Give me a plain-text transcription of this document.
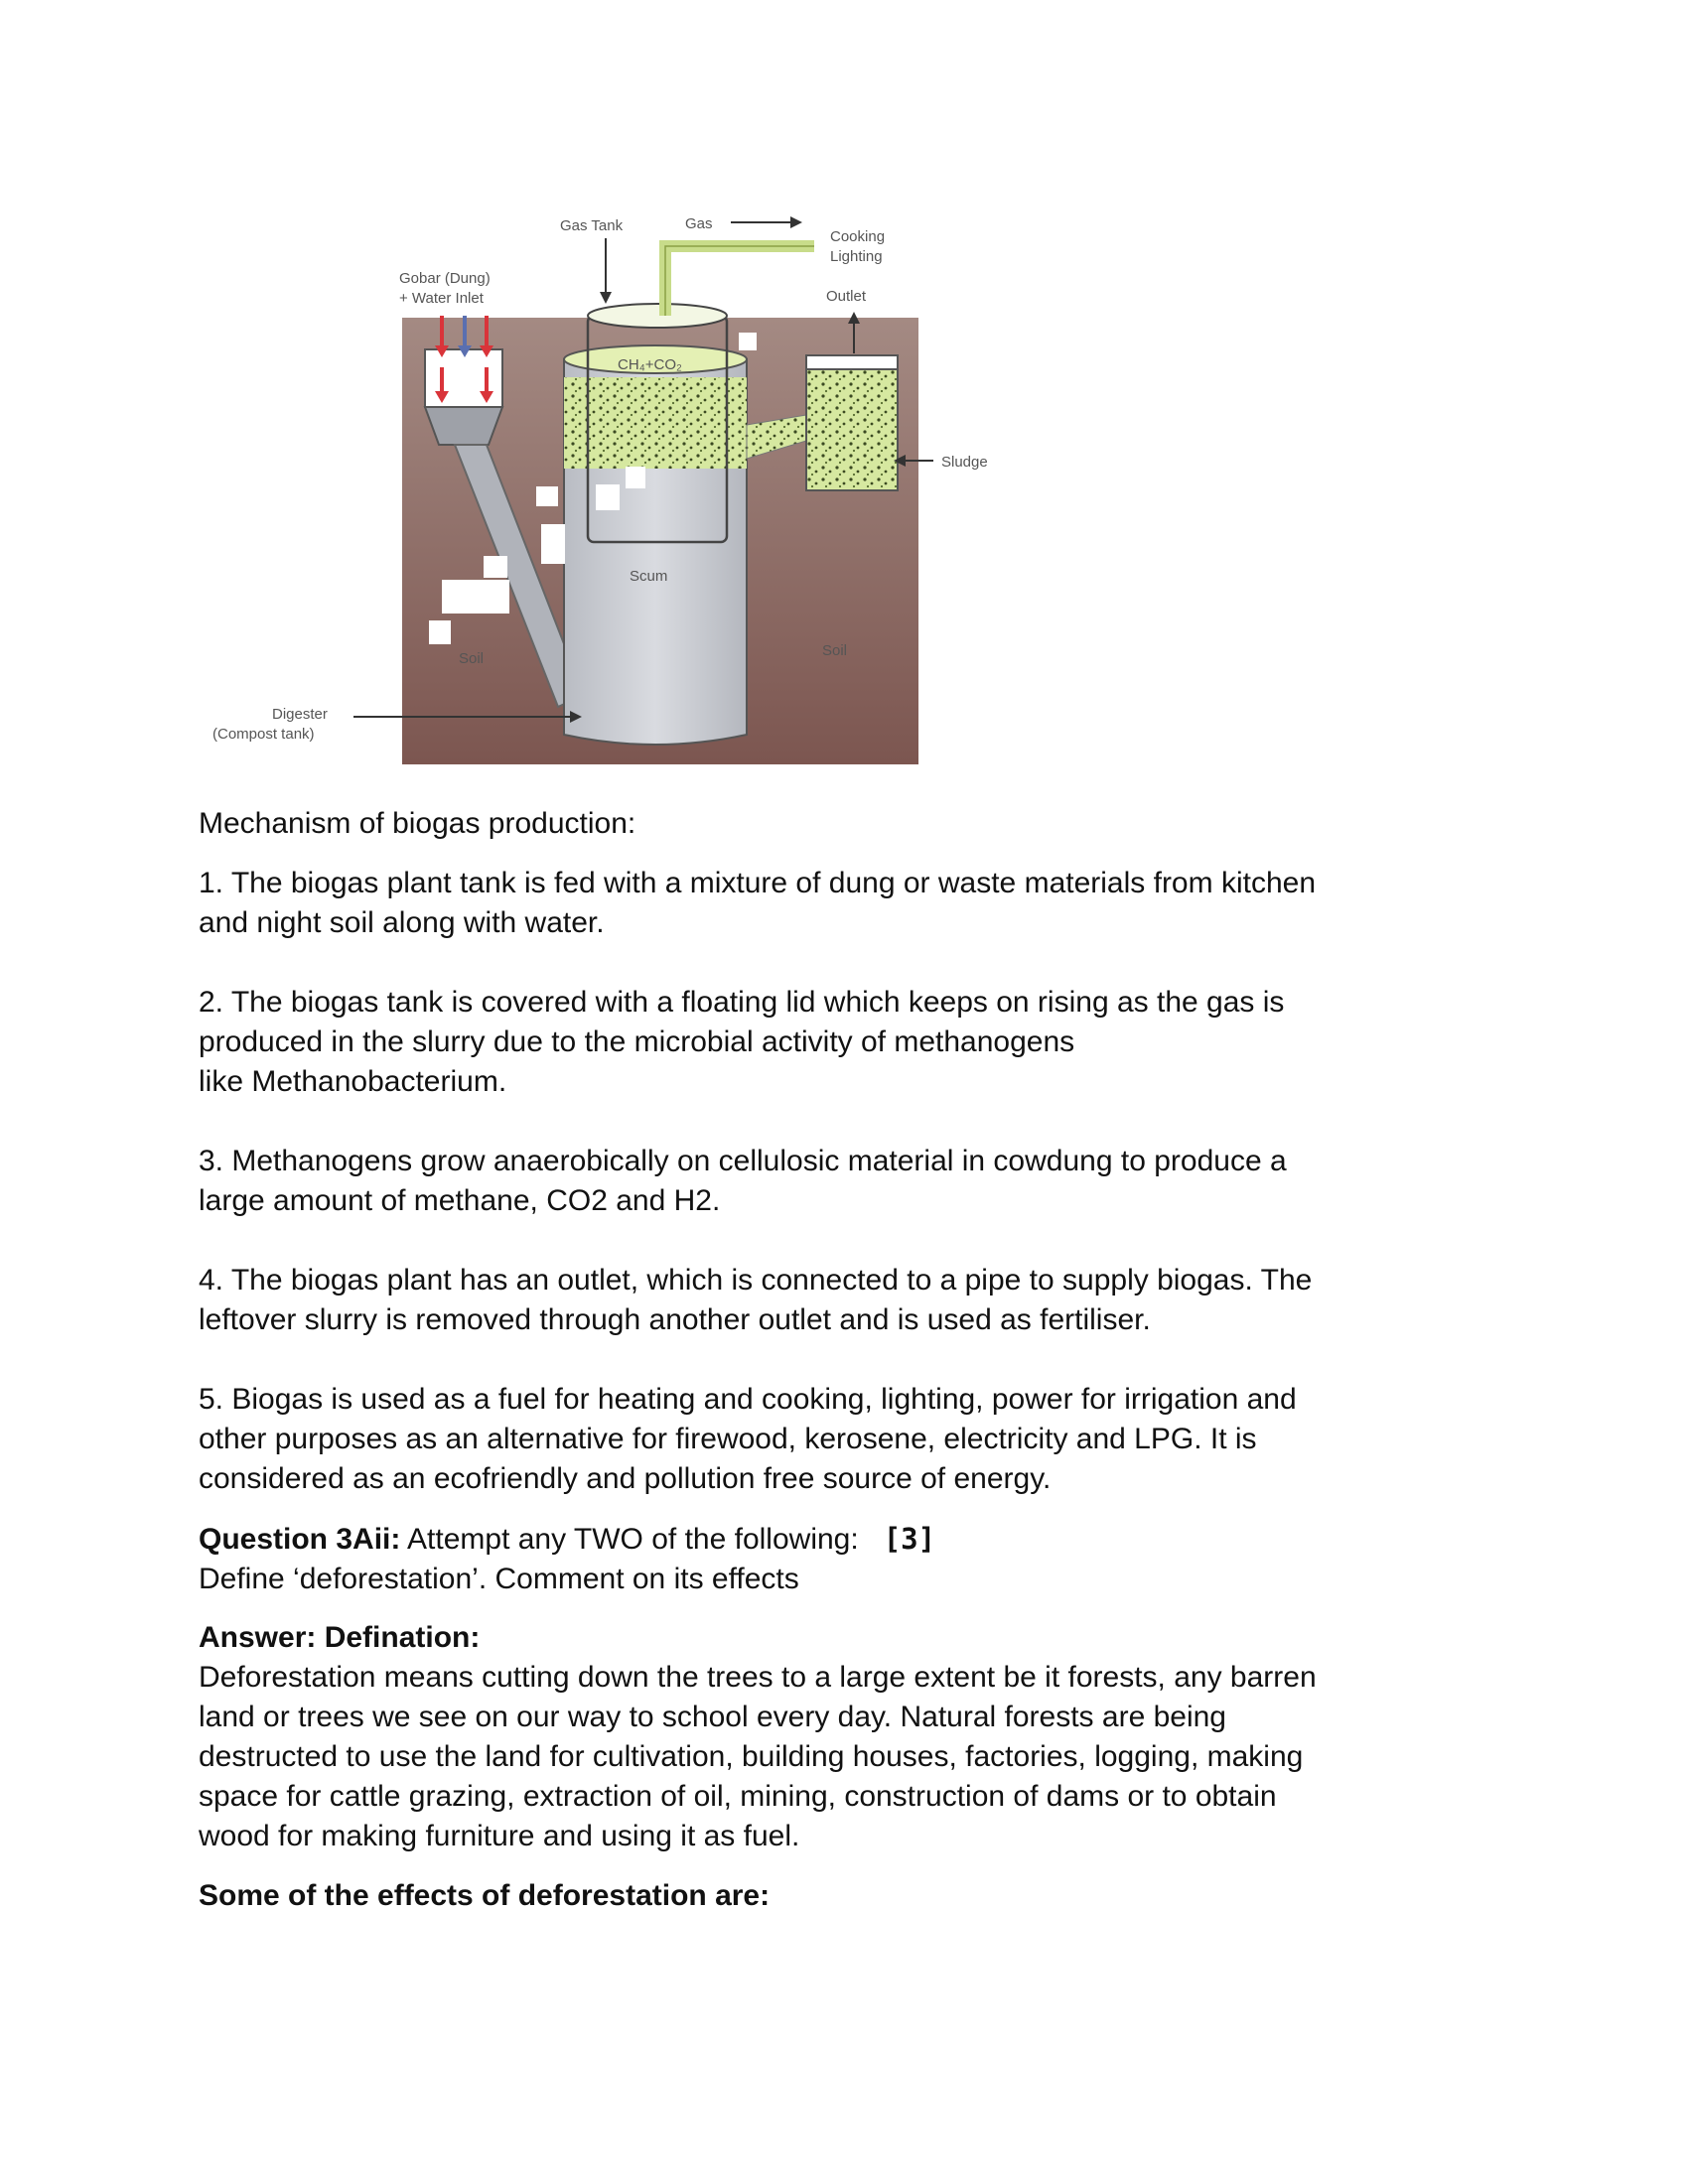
Gas Tank	Gas
Cooking
Lighting
Gobar (Dung)
+ Water Inlet	Outlet
CH₄+CO₂
Sludge
Scum
Soil	Soil
Digester
(Compost tank)

Mechanism of biogas production:

1. The biogas plant tank is fed with a mixture of dung or waste materials from kitchen

and night soil along with water.

2. The biogas tank is covered with a floating lid which keeps on rising as the gas is

produced in the slurry due to the microbial activity of methanogens

like Methanobacterium.

3. Methanogens grow anaerobically on cellulosic material in cowdung to produce a

large amount of methane, CO2 and H2.

4. The biogas plant has an outlet, which is connected to a pipe to supply biogas. The

leftover slurry is removed through another outlet and is used as fertiliser.

5. Biogas is used as a fuel for heating and cooking, lighting, power for irrigation and

other purposes as an alternative for firewood, kerosene, electricity and LPG. It is

considered as an ecofriendly and pollution free source of energy.

Question 3Aii: Attempt any TWO of the following: [3]

Define ‘deforestation’. Comment on its effects

Answer: Defination:

Deforestation means cutting down the trees to a large extent be it forests, any barren

land or trees we see on our way to school every day. Natural forests are being

destructed to use the land for cultivation, building houses, factories, logging, making

space for cattle grazing, extraction of oil, mining, construction of dams or to obtain

wood for making furniture and using it as fuel.

Some of the effects of deforestation are:
